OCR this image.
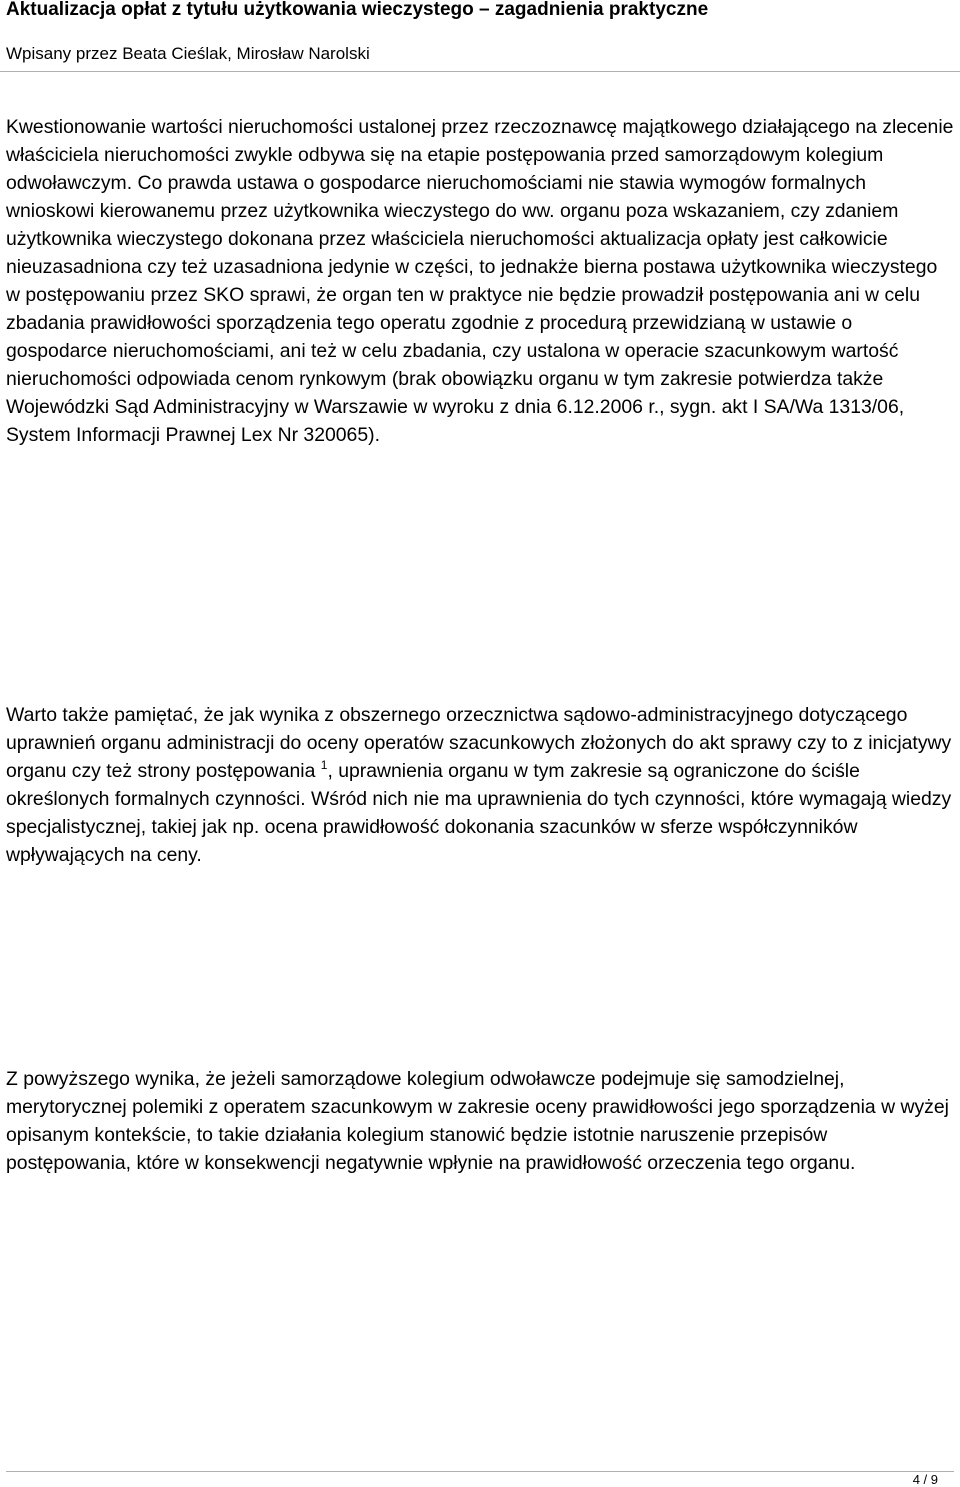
Aktualizacja opłat z tytułu użytkowania wieczystego – zagadnienia praktyczne
Wpisany przez Beata Cieślak, Mirosław Narolski

Kwestionowanie wartości nieruchomości ustalonej przez rzeczoznawcę majątkowego działającego na zlecenie właściciela nieruchomości zwykle odbywa się na etapie postępowania przed samorządowym kolegium odwoławczym. Co prawda ustawa o gospodarce nieruchomościami nie stawia wymogów formalnych wnioskowi kierowanemu przez użytkownika wieczystego do ww. organu poza wskazaniem, czy zdaniem użytkownika wieczystego dokonana przez właściciela nieruchomości aktualizacja opłaty jest całkowicie nieuzasadniona czy też uzasadniona jedynie w części, to jednakże bierna postawa użytkownika wieczystego w postępowaniu przez SKO sprawi, że organ ten w praktyce nie będzie prowadził postępowania ani w celu zbadania prawidłowości sporządzenia tego operatu zgodnie z procedurą przewidzianą w ustawie o gospodarce nieruchomościami, ani też w celu zbadania, czy ustalona w operacie szacunkowym wartość nieruchomości odpowiada cenom rynkowym (brak obowiązku organu w tym zakresie potwierdza także Wojewódzki Sąd Administracyjny w Warszawie w wyroku z dnia 6.12.2006 r., sygn. akt I SA/Wa 1313/06, System Informacji Prawnej Lex Nr 320065).

Warto także pamiętać, że jak wynika z obszernego orzecznictwa sądowo-administracyjnego dotyczącego uprawnień organu administracji do oceny operatów szacunkowych złożonych do akt sprawy czy to z inicjatywy organu czy też strony postępowania $^1$, uprawnienia organu w tym zakresie są ograniczone do ściśle określonych formalnych czynności. Wśród nich nie ma uprawnienia do tych czynności, które wymagają wiedzy specjalistycznej, takiej jak np. ocena prawidłowość dokonania szacunków w sferze współczynników wpływających na ceny.

Z powyższego wynika, że jeżeli samorządowe kolegium odwoławcze podejmuje się samodzielnej, merytorycznej polemiki z operatem szacunkowym w zakresie oceny prawidłowości jego sporządzenia w wyżej opisanym kontekście, to takie działania kolegium stanowić będzie istotnie naruszenie przepisów postępowania, które w konsekwencji negatywnie wpłynie na prawidłowość orzeczenia tego organu.

4 / 9
